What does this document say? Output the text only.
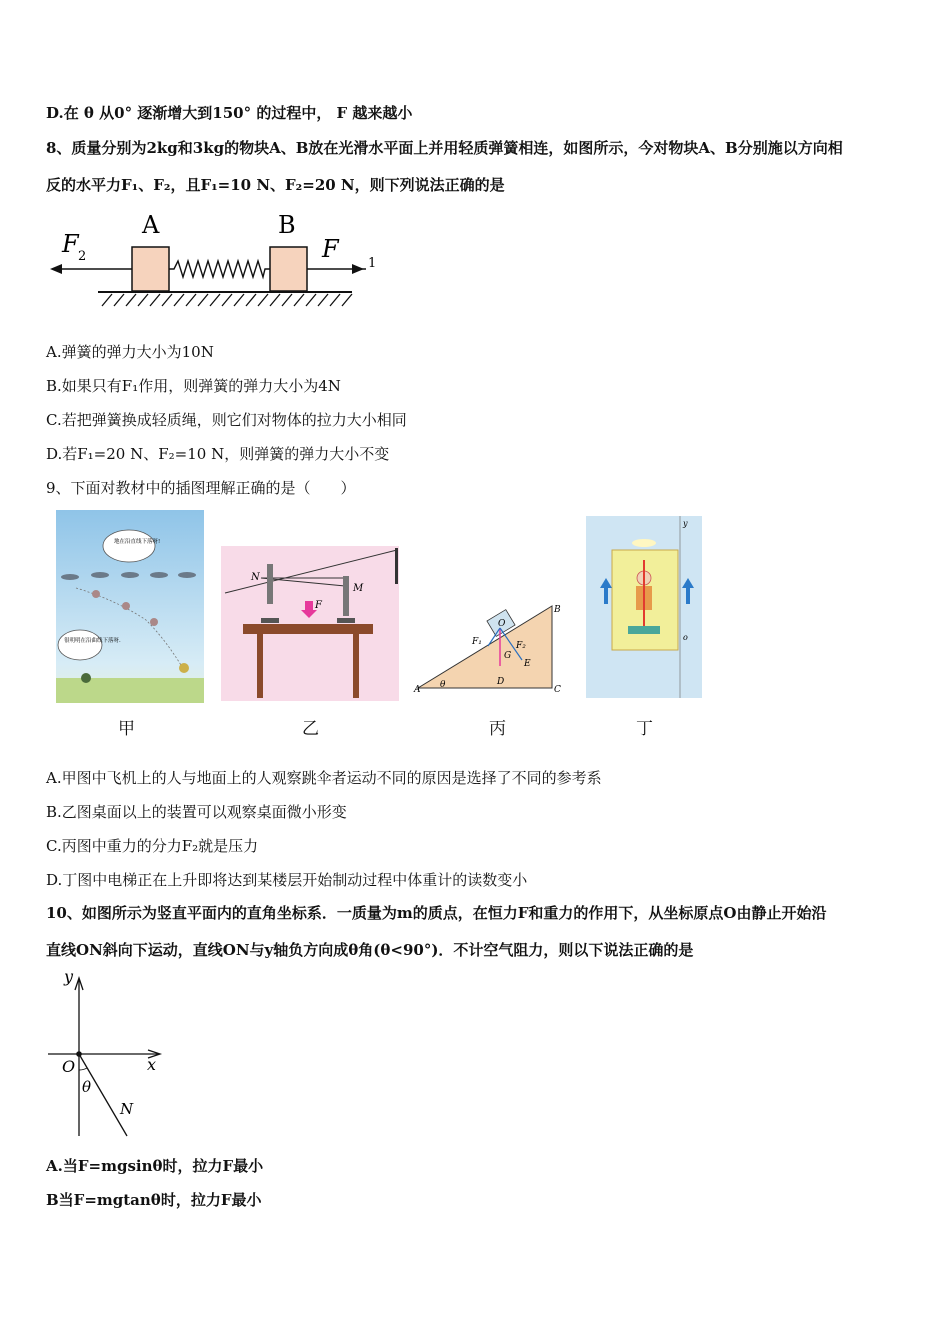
D.在 θ 从0° 逐渐增大到150° 的过程中， F 越来越小
8、质量分别为2kg和3kg的物块A、B放在光滑水平面上并用轻质弹簧相连，如图所示，今对物块A、B分别施以方向相
反的水平力F₁、F₂，且F₁=10 N、F₂=20 N，则下列说法正确的是
A	B
F 2	F
1
A.弹簧的弹力大小为10N
B.如果只有F₁作用，则弹簧的弹力大小为4N
C.若把弹簧换成轻质绳，则它们对物体的拉力大小相同
D.若F₁=20 N、F₂=10 N，则弹簧的弹力大小不变
9、下面对教材中的插图理解正确的是（　　）
地在沿直线下落呀!
很明明在沿曲线下落呀.
N
M
F
A
B
C
D
E
G
O
F₁	F₂
θ
y
o
甲	乙	丙	丁
A.甲图中飞机上的人与地面上的人观察跳伞者运动不同的原因是选择了不同的参考系
B.乙图桌面以上的装置可以观察桌面微小形变
C.丙图中重力的分力F₂就是压力
D.丁图中电梯正在上升即将达到某楼层开始制动过程中体重计的读数变小
10、如图所示为竖直平面内的直角坐标系．一质量为m的质点，在恒力F和重力的作用下，从坐标原点O由静止开始沿
直线ON斜向下运动，直线ON与y轴负方向成θ角(θ<90°)．不计空气阻力，则以下说法正确的是
y
x
O
θ
N
A.当F=mgsinθ时，拉力F最小
B当F=mgtanθ时，拉力F最小
